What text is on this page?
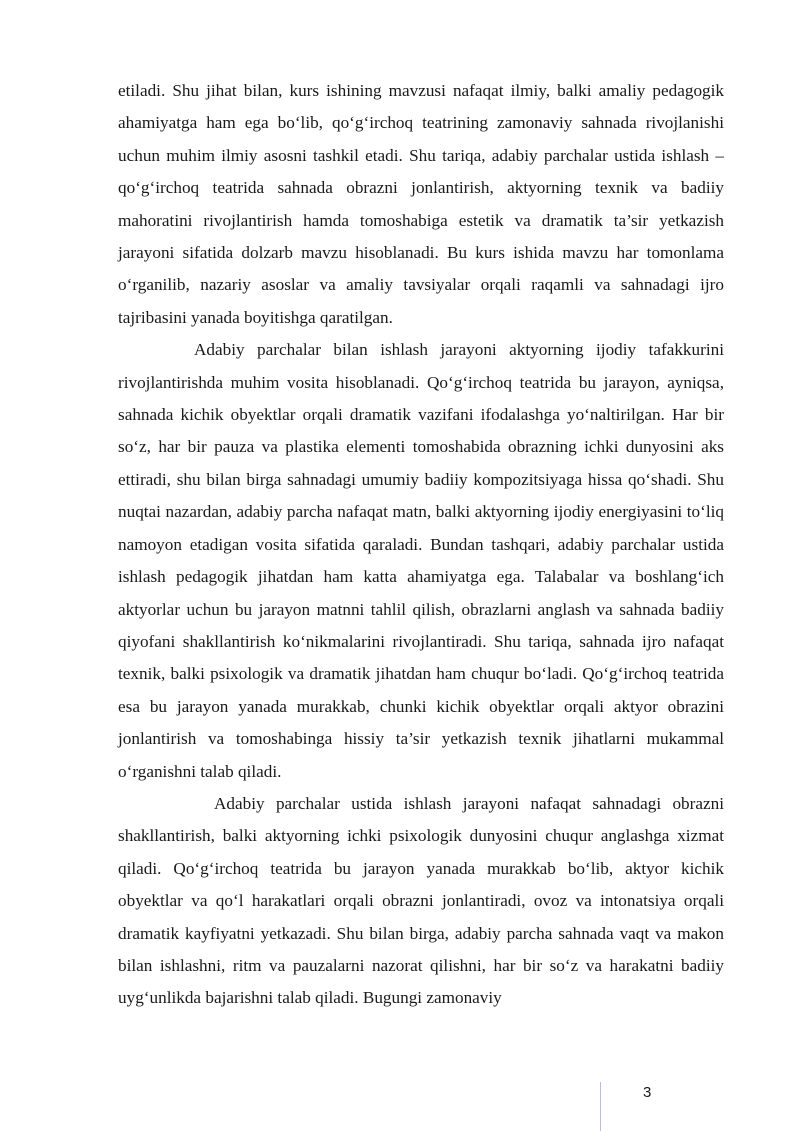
etiladi. Shu jihat bilan, kurs ishining mavzusi nafaqat ilmiy, balki amaliy pedagogik ahamiyatga ham ega bo‘lib, qo‘g‘irchoq teatrining zamonaviy sahnada rivojlanishi uchun muhim ilmiy asosni tashkil etadi. Shu tariqa, adabiy parchalar ustida ishlash – qo‘g‘irchoq teatrida sahnada obrazni jonlantirish, aktyorning texnik va badiiy mahoratini rivojlantirish hamda tomoshabiga estetik va dramatik ta’sir yetkazish jarayoni sifatida dolzarb mavzu hisoblanadi. Bu kurs ishida mavzu har tomonlama o‘rganilib, nazariy asoslar va amaliy tavsiyalar orqali raqamli va sahnadagi ijro tajribasini yanada boyitishga qaratilgan.

Adabiy parchalar bilan ishlash jarayoni aktyorning ijodiy tafakkurini rivojlantirishda muhim vosita hisoblanadi. Qo‘g‘irchoq teatrida bu jarayon, ayniqsa, sahnada kichik obyektlar orqali dramatik vazifani ifodalashga yo‘naltirilgan. Har bir so‘z, har bir pauza va plastika elementi tomoshabida obrazning ichki dunyosini aks ettiradi, shu bilan birga sahnadagi umumiy badiiy kompozitsiyaga hissa qo‘shadi. Shu nuqtai nazardan, adabiy parcha nafaqat matn, balki aktyorning ijodiy energiyasini to‘liq namoyon etadigan vosita sifatida qaraladi. Bundan tashqari, adabiy parchalar ustida ishlash pedagogik jihatdan ham katta ahamiyatga ega. Talabalar va boshlang‘ich aktyorlar uchun bu jarayon matnni tahlil qilish, obrazlarni anglash va sahnada badiiy qiyofani shakllantirish ko‘nikmalarini rivojlantiradi. Shu tariqa, sahnada ijro nafaqat texnik, balki psixologik va dramatik jihatdan ham chuqur bo‘ladi. Qo‘g‘irchoq teatrida esa bu jarayon yanada murakkab, chunki kichik obyektlar orqali aktyor obrazini jonlantirish va tomoshabinga hissiy ta’sir yetkazish texnik jihatlarni mukammal o‘rganishni talab qiladi.

Adabiy parchalar ustida ishlash jarayoni nafaqat sahnadagi obrazni shakllantirish, balki aktyorning ichki psixologik dunyosini chuqur anglashga xizmat qiladi. Qo‘g‘irchoq teatrida bu jarayon yanada murakkab bo‘lib, aktyor kichik obyektlar va qo‘l harakatlari orqali obrazni jonlantiradi, ovoz va intonatsiya orqali dramatik kayfiyatni yetkazadi. Shu bilan birga, adabiy parcha sahnada vaqt va makon bilan ishlashni, ritm va pauzalarni nazorat qilishni, har bir so‘z va harakatni badiiy uyg‘unlikda bajarishni talab qiladi. Bugungi zamonaviy

3
